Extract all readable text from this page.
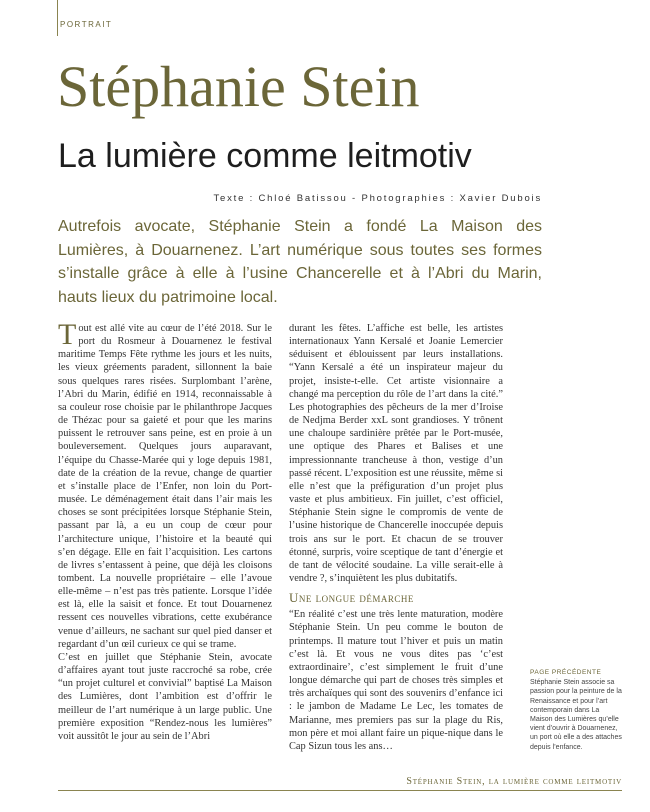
PORTRAIT
Stéphanie Stein
La lumière comme leitmotiv
Texte : Chloé Batissou - Photographies : Xavier Dubois
Autrefois avocate, Stéphanie Stein a fondé La Maison des Lumières, à Douarnenez. L’art numérique sous toutes ses formes s’installe grâce à elle à l’usine Chancerelle et à l’Abri du Marin, hauts lieux du patrimoine local.

Tout est allé vite au cœur de l’été 2018. Sur le port du Rosmeur à Douarnenez le festival maritime Temps Fête rythme les jours et les nuits, les vieux gréements paradent, sillonnent la baie sous quelques rares risées. Surplombant l’arène, l’Abri du Marin, édifié en 1914, reconnaissable à sa couleur rose choisie par le philanthrope Jacques de Thézac pour sa gaieté et pour que les marins puissent le retrouver sans peine, est en proie à un bouleversement. Quelques jours auparavant, l’équipe du Chasse-Marée qui y loge depuis 1981, date de la création de la revue, change de quartier et s’installe place de l’Enfer, non loin du Port-musée. Le déménagement était dans l’air mais les choses se sont précipitées lorsque Stéphanie Stein, passant par là, a eu un coup de cœur pour l’architecture unique, l’histoire et la beauté qui s’en dégage. Elle en fait l’acquisition. Les cartons de livres s’entassent à peine, que déjà les cloisons tombent. La nouvelle propriétaire – elle l’avoue elle-même – n’est pas très patiente. Lorsque l’idée est là, elle la saisit et fonce. Et tout Douarnenez ressent ces nouvelles vibrations, cette exubérance venue d’ailleurs, ne sachant sur quel pied danser et regardant d’un œil curieux ce qui se trame.

C’est en juillet que Stéphanie Stein, avocate d’affaires ayant tout juste raccroché sa robe, crée “un projet culturel et convivial” baptisé La Maison des Lumières, dont l’ambition est d’offrir le meilleur de l’art numérique à un large public. Une première exposition “Rendez-nous les lumières” voit aussitôt le jour au sein de l’Abri

durant les fêtes. L’affiche est belle, les artistes internationaux Yann Kersalé et Joanie Lemercier séduisent et éblouissent par leurs installations. “Yann Kersalé a été un inspirateur majeur du projet, insiste-t-elle. Cet artiste visionnaire a changé ma perception du rôle de l’art dans la cité.” Les photographies des pêcheurs de la mer d’Iroise de Nedjma Berder xxL sont grandioses. Y trônent une chaloupe sardinière prêtée par le Port-musée, une optique des Phares et Balises et une impressionnante trancheuse à thon, vestige d’un passé récent. L’exposition est une réussite, même si elle n’est que la préfiguration d’un projet plus vaste et plus ambitieux. Fin juillet, c’est officiel, Stéphanie Stein signe le compromis de vente de l’usine historique de Chancerelle inoccupée depuis trois ans sur le port. Et chacun de se trouver étonné, surpris, voire sceptique de tant d’énergie et de tant de vélocité soudaine. La ville serait-elle à vendre ?, s’inquiètent les plus dubitatifs.

Une longue démarche

“En réalité c’est une très lente maturation, modère Stéphanie Stein. Un peu comme le bouton de printemps. Il mature tout l’hiver et puis un matin c’est là. Et vous ne vous dites pas ‘c’est extraordinaire’, c’est simplement le fruit d’une longue démarche qui part de choses très simples et très archaïques qui sont des souvenirs d’enfance ici : le jambon de Madame Le Lec, les tomates de Marianne, mes premiers pas sur la plage du Ris, mon père et moi allant faire un pique-nique dans le Cap Sizun tous les ans…

PAGE PRÉCÉDENTE
Stéphanie Stein associe sa passion pour la peinture de la Renaissance et pour l’art contemporain dans La Maison des Lumières qu’elle vient d’ouvrir à Douarnenez, un port où elle a des attaches depuis l’enfance.
Stéphanie Stein, la lumière comme leitmotiv
